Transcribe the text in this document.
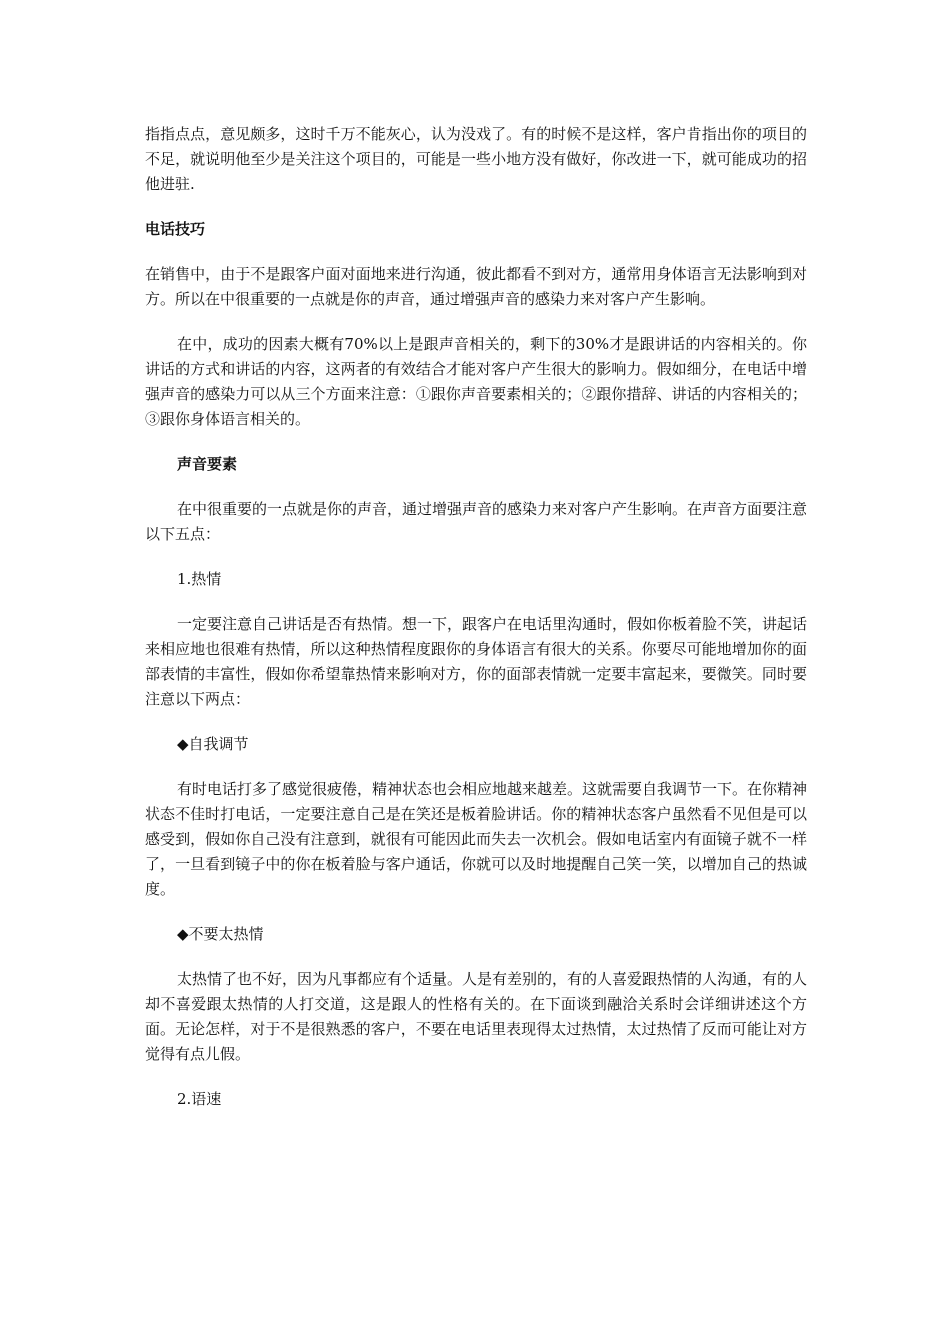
指指点点，意见颇多，这时千万不能灰心，认为没戏了。有的时候不是这样，客户肯指出你的项目的不足，就说明他至少是关注这个项目的，可能是一些小地方没有做好，你改进一下，就可能成功的招他进驻.

电话技巧

在销售中，由于不是跟客户面对面地来进行沟通，彼此都看不到对方，通常用身体语言无法影响到对方。所以在中很重要的一点就是你的声音，通过增强声音的感染力来对客户产生影响。

在中，成功的因素大概有70%以上是跟声音相关的，剩下的30%才是跟讲话的内容相关的。你讲话的方式和讲话的内容，这两者的有效结合才能对客户产生很大的影响力。假如细分，在电话中增强声音的感染力可以从三个方面来注意：①跟你声音要素相关的；②跟你措辞、讲话的内容相关的；③跟你身体语言相关的。

声音要素

在中很重要的一点就是你的声音，通过增强声音的感染力来对客户产生影响。在声音方面要注意以下五点：

1.热情

一定要注意自己讲话是否有热情。想一下，跟客户在电话里沟通时，假如你板着脸不笑，讲起话来相应地也很难有热情，所以这种热情程度跟你的身体语言有很大的关系。你要尽可能地增加你的面部表情的丰富性，假如你希望靠热情来影响对方，你的面部表情就一定要丰富起来，要微笑。同时要注意以下两点：

◆自我调节

有时电话打多了感觉很疲倦，精神状态也会相应地越来越差。这就需要自我调节一下。在你精神状态不佳时打电话，一定要注意自己是在笑还是板着脸讲话。你的精神状态客户虽然看不见但是可以感受到，假如你自己没有注意到，就很有可能因此而失去一次机会。假如电话室内有面镜子就不一样了，一旦看到镜子中的你在板着脸与客户通话，你就可以及时地提醒自己笑一笑，以增加自己的热诚度。

◆不要太热情

太热情了也不好，因为凡事都应有个适量。人是有差别的，有的人喜爱跟热情的人沟通，有的人却不喜爱跟太热情的人打交道，这是跟人的性格有关的。在下面谈到融洽关系时会详细讲述这个方面。无论怎样，对于不是很熟悉的客户，不要在电话里表现得太过热情，太过热情了反而可能让对方觉得有点儿假。

2.语速
